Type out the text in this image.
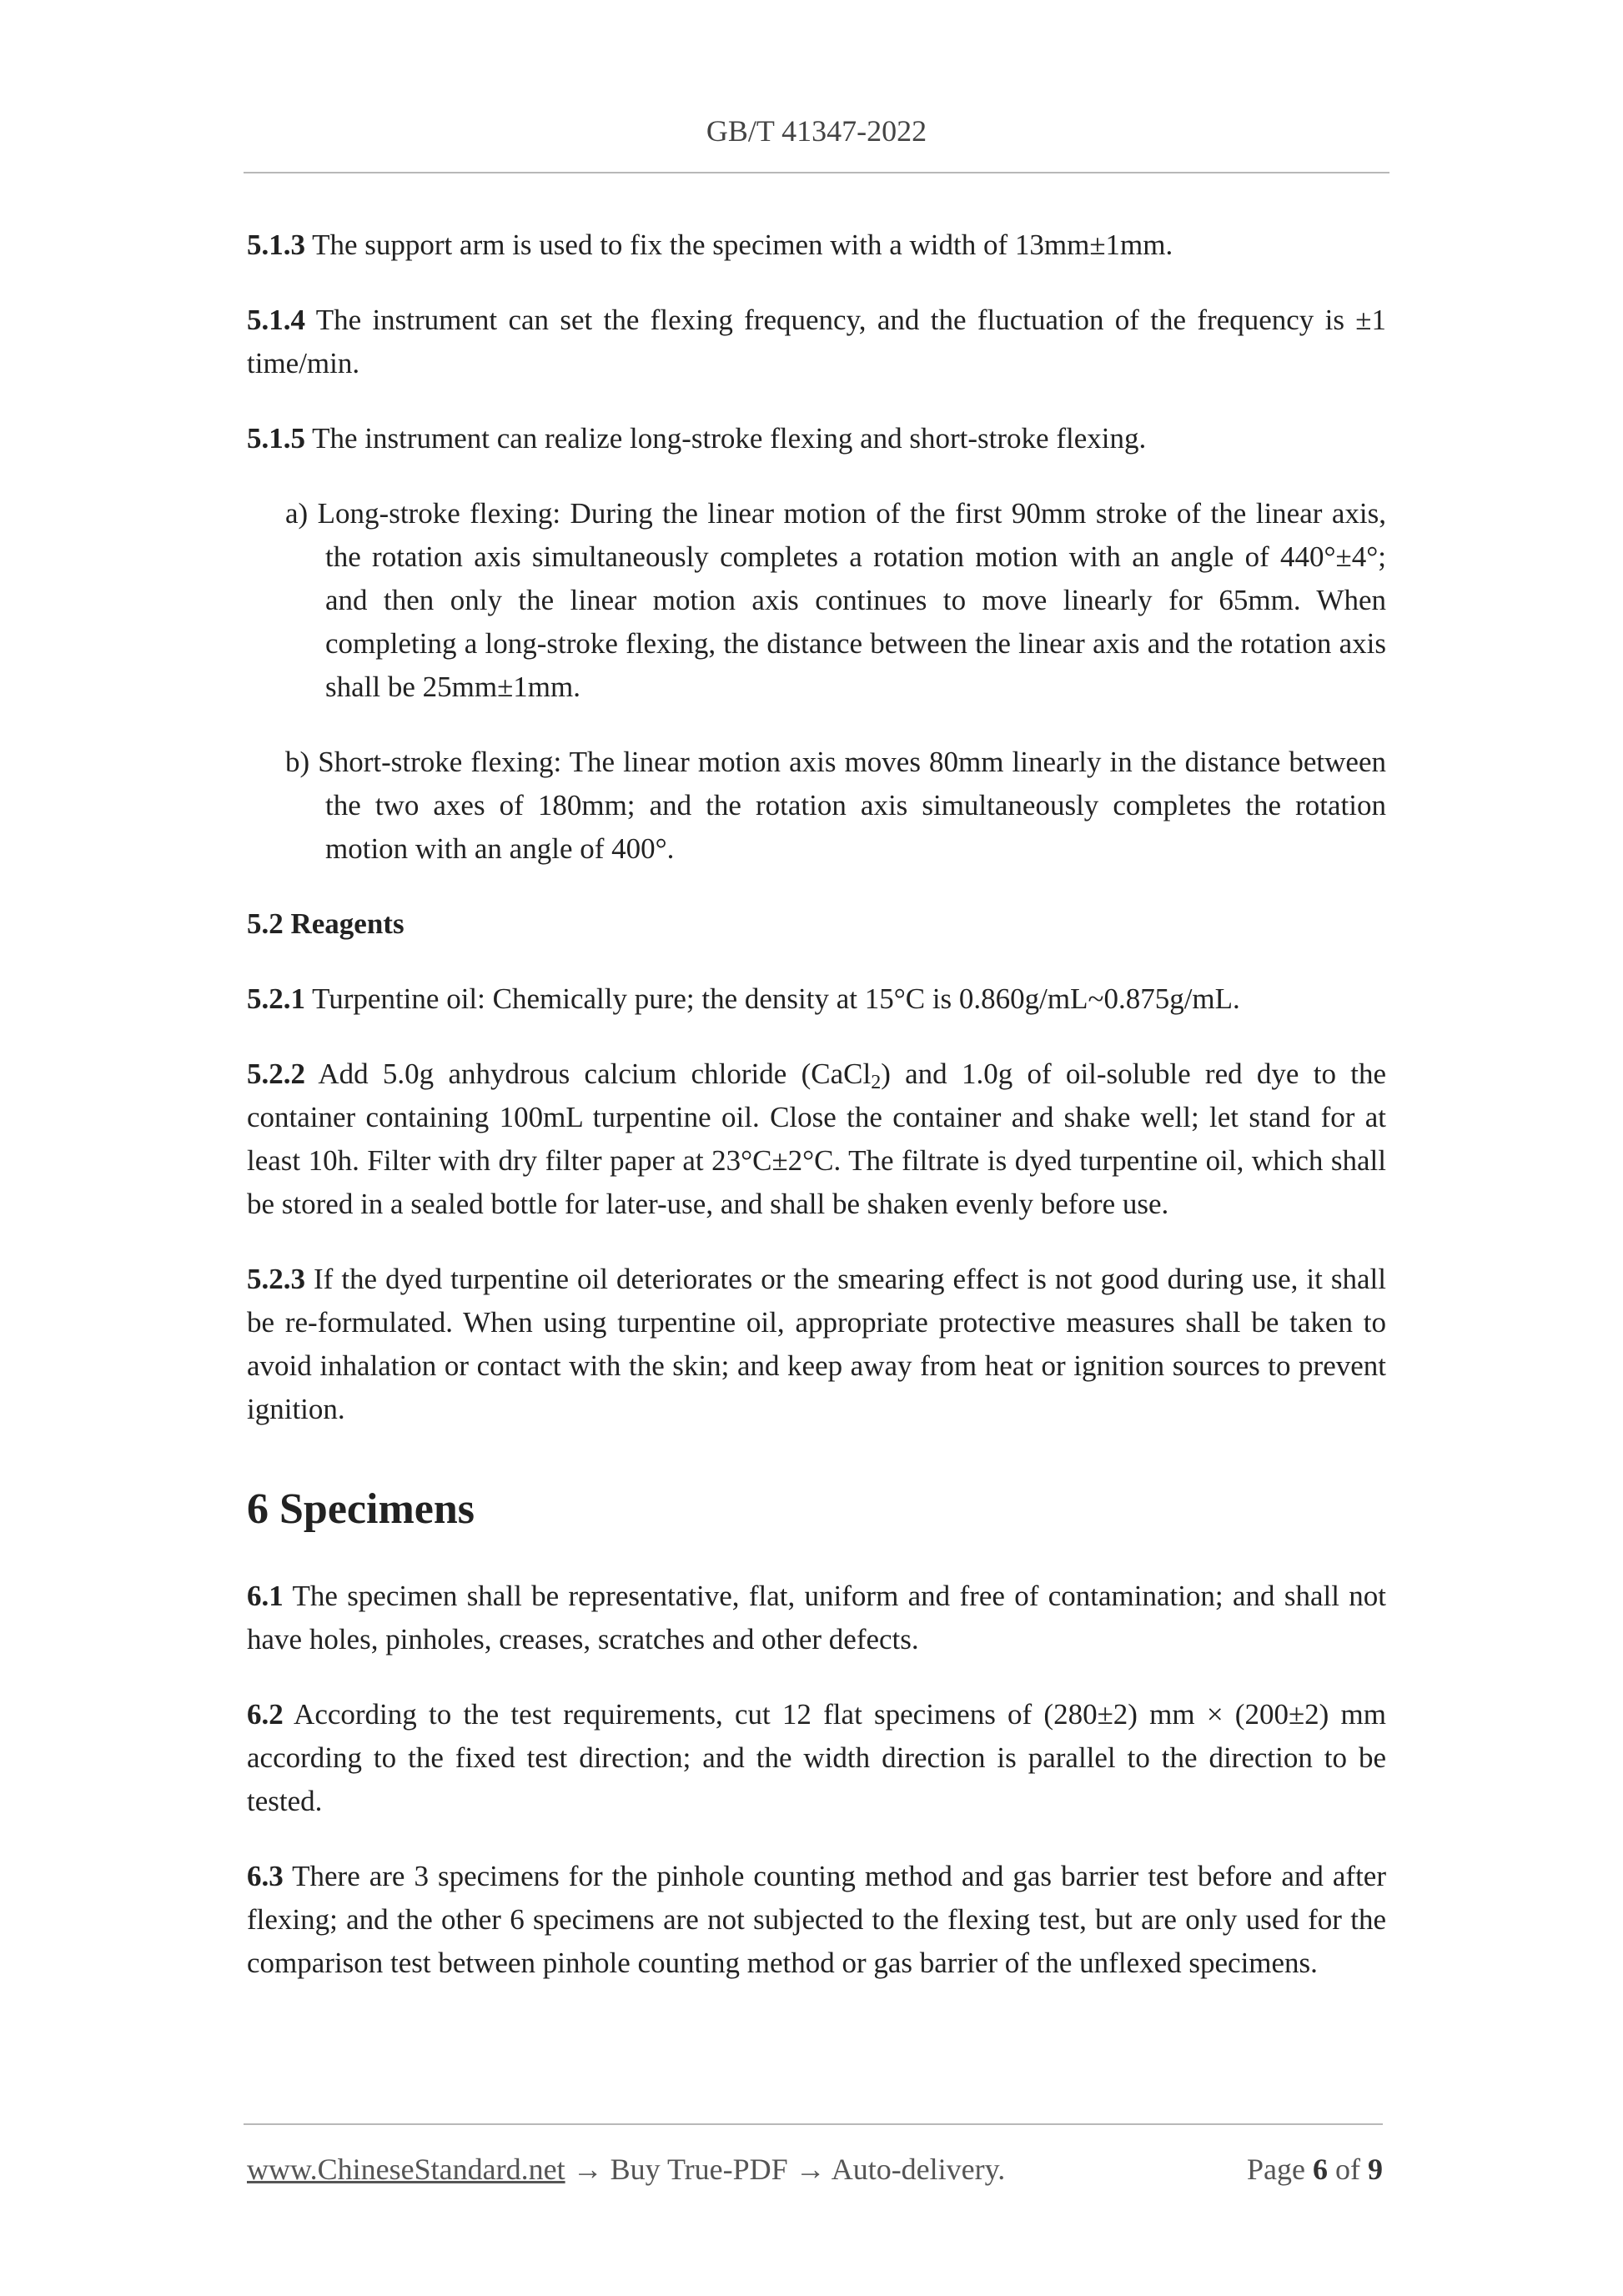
GB/T 41347-2022

5.1.3 The support arm is used to fix the specimen with a width of 13mm±1mm.

5.1.4 The instrument can set the flexing frequency, and the fluctuation of the frequency is ±1 time/min.

5.1.5 The instrument can realize long-stroke flexing and short-stroke flexing.

a) Long-stroke flexing: During the linear motion of the first 90mm stroke of the linear axis, the rotation axis simultaneously completes a rotation motion with an angle of 440°±4°; and then only the linear motion axis continues to move linearly for 65mm. When completing a long-stroke flexing, the distance between the linear axis and the rotation axis shall be 25mm±1mm.

b) Short-stroke flexing: The linear motion axis moves 80mm linearly in the distance between the two axes of 180mm; and the rotation axis simultaneously completes the rotation motion with an angle of 400°.

5.2 Reagents

5.2.1 Turpentine oil: Chemically pure; the density at 15°C is 0.860g/mL~0.875g/mL.

5.2.2 Add 5.0g anhydrous calcium chloride (CaCl$_2$) and 1.0g of oil-soluble red dye to the container containing 100mL turpentine oil. Close the container and shake well; let stand for at least 10h. Filter with dry filter paper at 23°C±2°C. The filtrate is dyed turpentine oil, which shall be stored in a sealed bottle for later-use, and shall be shaken evenly before use.

5.2.3 If the dyed turpentine oil deteriorates or the smearing effect is not good during use, it shall be re-formulated. When using turpentine oil, appropriate protective measures shall be taken to avoid inhalation or contact with the skin; and keep away from heat or ignition sources to prevent ignition.

6 Specimens

6.1 The specimen shall be representative, flat, uniform and free of contamination; and shall not have holes, pinholes, creases, scratches and other defects.

6.2 According to the test requirements, cut 12 flat specimens of (280±2) mm × (200±2) mm according to the fixed test direction; and the width direction is parallel to the direction to be tested.

6.3 There are 3 specimens for the pinhole counting method and gas barrier test before and after flexing; and the other 6 specimens are not subjected to the flexing test, but are only used for the comparison test between pinhole counting method or gas barrier of the unflexed specimens.

www.ChineseStandard.net → Buy True-PDF → Auto-delivery.	Page 6 of 9
